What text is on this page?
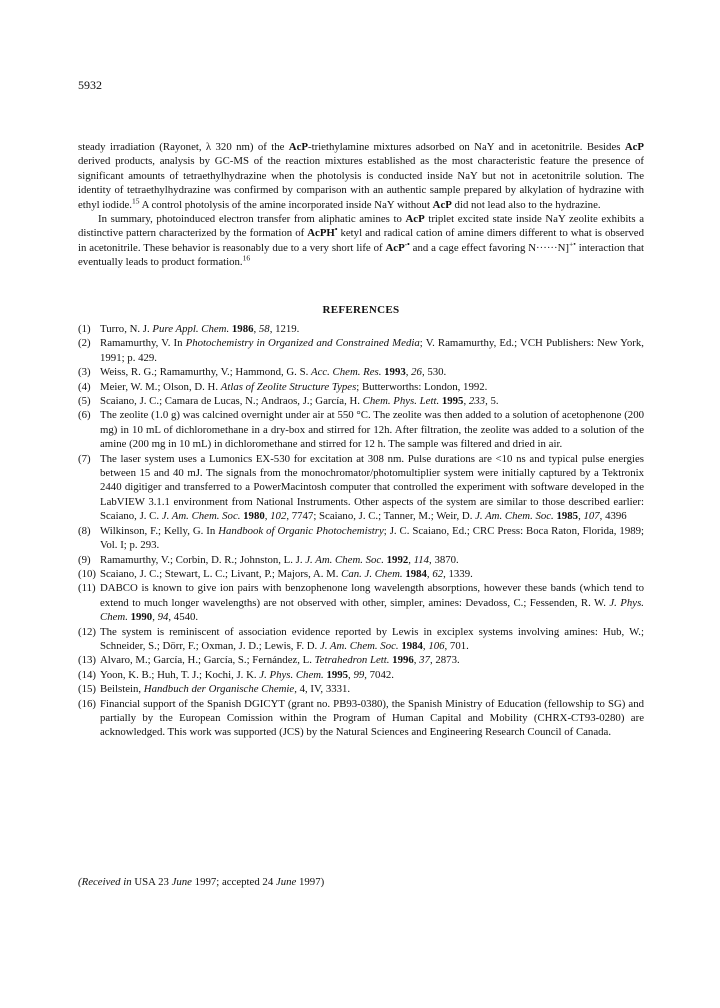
5932

steady irradiation (Rayonet, λ 320 nm) of the AcP-triethylamine mixtures adsorbed on NaY and in acetonitrile. Besides AcP derived products, analysis by GC-MS of the reaction mixtures established as the most characteristic feature the presence of significant amounts of tetraethylhydrazine when the photolysis is conducted inside NaY but not in acetonitrile solution. The identity of tetraethylhydrazine was confirmed by comparison with an authentic sample prepared by alkylation of hydrazine with ethyl iodide.$^{15}$ A control photolysis of the amine incorporated inside NaY without AcP did not lead also to the hydrazine.

In summary, photoinduced electron transfer from aliphatic amines to AcP triplet excited state inside NaY zeolite exhibits a distinctive pattern characterized by the formation of AcPH• ketyl and radical cation of amine dimers different to what is observed in acetonitrile. These behavior is reasonably due to a very short life of AcP-• and a cage effect favoring N······N]+• interaction that eventually leads to product formation.$^{16}$

REFERENCES
(1) Turro, N. J. Pure Appl. Chem. 1986, 58, 1219.
(2) Ramamurthy, V. In Photochemistry in Organized and Constrained Media; V. Ramamurthy, Ed.; VCH Publishers: New York, 1991; p. 429.
(3) Weiss, R. G.; Ramamurthy, V.; Hammond, G. S. Acc. Chem. Res. 1993, 26, 530.
(4) Meier, W. M.; Olson, D. H. Atlas of Zeolite Structure Types; Butterworths: London, 1992.
(5) Scaiano, J. C.; Camara de Lucas, N.; Andraos, J.; García, H. Chem. Phys. Lett. 1995, 233, 5.
(6) The zeolite (1.0 g) was calcined overnight under air at 550 °C. The zeolite was then added to a solution of acetophenone (200 mg) in 10 mL of dichloromethane in a dry-box and stirred for 12h. After filtration, the zeolite was added to a solution of the amine (200 mg in 10 mL) in dichloromethane and stirred for 12 h. The sample was filtered and dried in air.
(7) The laser system uses a Lumonics EX-530 for excitation at 308 nm. Pulse durations are <10 ns and typical pulse energies between 15 and 40 mJ. The signals from the monochromator/photomultiplier system were initially captured by a Tektronix 2440 digitiger and transferred to a PowerMacintosh computer that controlled the experiment with software developed in the LabVIEW 3.1.1 environment from National Instruments. Other aspects of the system are similar to those described earlier: Scaiano, J. C. J. Am. Chem. Soc. 1980, 102, 7747; Scaiano, J. C.; Tanner, M.; Weir, D. J. Am. Chem. Soc. 1985, 107, 4396
(8) Wilkinson, F.; Kelly, G. In Handbook of Organic Photochemistry; J. C. Scaiano, Ed.; CRC Press: Boca Raton, Florida, 1989; Vol. I; p. 293.
(9) Ramamurthy, V.; Corbin, D. R.; Johnston, L. J. J. Am. Chem. Soc. 1992, 114, 3870.
(10) Scaiano, J. C.; Stewart, L. C.; Livant, P.; Majors, A. M. Can. J. Chem. 1984, 62, 1339.
(11) DABCO is known to give ion pairs with benzophenone long wavelength absorptions, however these bands (which tend to extend to much longer wavelengths) are not observed with other, simpler, amines: Devadoss, C.; Fessenden, R. W. J. Phys. Chem. 1990, 94, 4540.
(12) The system is reminiscent of association evidence reported by Lewis in exciplex systems involving amines: Hub, W.; Schneider, S.; Dörr, F.; Oxman, J. D.; Lewis, F. D. J. Am. Chem. Soc. 1984, 106, 701.
(13) Alvaro, M.; García, H.; García, S.; Fernández, L. Tetrahedron Lett. 1996, 37, 2873.
(14) Yoon, K. B.; Huh, T. J.; Kochi, J. K. J. Phys. Chem. 1995, 99, 7042.
(15) Beilstein, Handbuch der Organische Chemie, 4, IV, 3331.
(16) Financial support of the Spanish DGICYT (grant no. PB93-0380), the Spanish Ministry of Education (fellowship to SG) and partially by the European Comission within the Program of Human Capital and Mobility (CHRX-CT93-0280) are acknowledged. This work was supported (JCS) by the Natural Sciences and Engineering Research Council of Canada.
(Received in USA 23 June 1997; accepted 24 June 1997)
